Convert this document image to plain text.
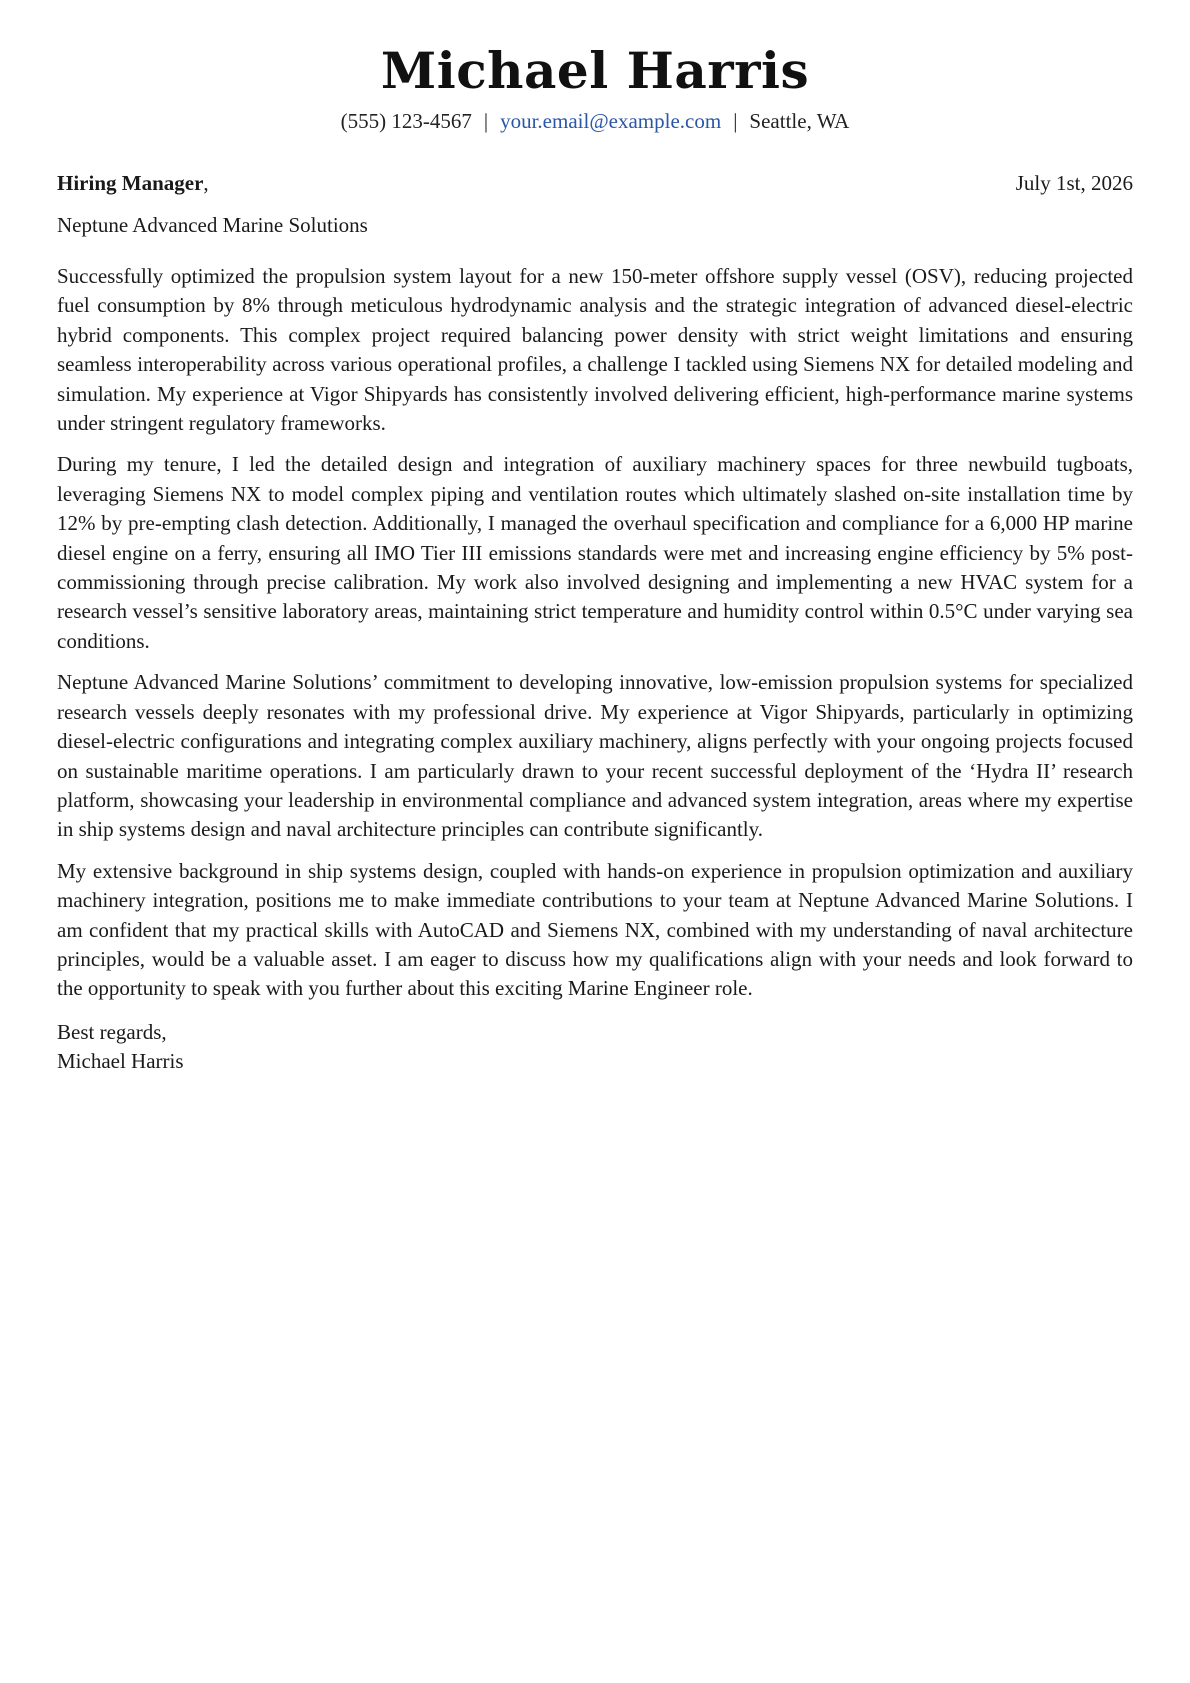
Michael Harris
(555) 123-4567 | your.email@example.com | Seattle, WA
Hiring Manager,	July 1st, 2026
Neptune Advanced Marine Solutions

Successfully optimized the propulsion system layout for a new 150-meter offshore supply vessel (OSV), reducing projected fuel consumption by 8% through meticulous hydrodynamic analysis and the strategic integration of advanced diesel-electric hybrid components. This complex project required balancing power density with strict weight limitations and ensuring seamless interoperability across various operational profiles, a challenge I tackled using Siemens NX for detailed modeling and simulation. My experience at Vigor Shipyards has consistently involved delivering efficient, high-performance marine systems under stringent regulatory frameworks.

During my tenure, I led the detailed design and integration of auxiliary machinery spaces for three newbuild tugboats, leveraging Siemens NX to model complex piping and ventilation routes which ultimately slashed on-site installation time by 12% by pre-empting clash detection. Additionally, I managed the overhaul specification and compliance for a 6,000 HP marine diesel engine on a ferry, ensuring all IMO Tier III emissions standards were met and increasing engine efficiency by 5% post-commissioning through precise calibration. My work also involved designing and implementing a new HVAC system for a research vessel’s sensitive laboratory areas, maintaining strict temperature and humidity control within 0.5°C under varying sea conditions.

Neptune Advanced Marine Solutions’ commitment to developing innovative, low-emission propulsion systems for specialized research vessels deeply resonates with my professional drive. My experience at Vigor Shipyards, particularly in optimizing diesel-electric configurations and integrating complex auxiliary machinery, aligns perfectly with your ongoing projects focused on sustainable maritime operations. I am particularly drawn to your recent successful deployment of the ‘Hydra II’ research platform, showcasing your leadership in environmental compliance and advanced system integration, areas where my expertise in ship systems design and naval architecture principles can contribute significantly.

My extensive background in ship systems design, coupled with hands-on experience in propulsion optimization and auxiliary machinery integration, positions me to make immediate contributions to your team at Neptune Advanced Marine Solutions. I am confident that my practical skills with AutoCAD and Siemens NX, combined with my understanding of naval architecture principles, would be a valuable asset. I am eager to discuss how my qualifications align with your needs and look forward to the opportunity to speak with you further about this exciting Marine Engineer role.

Best regards,
Michael Harris
